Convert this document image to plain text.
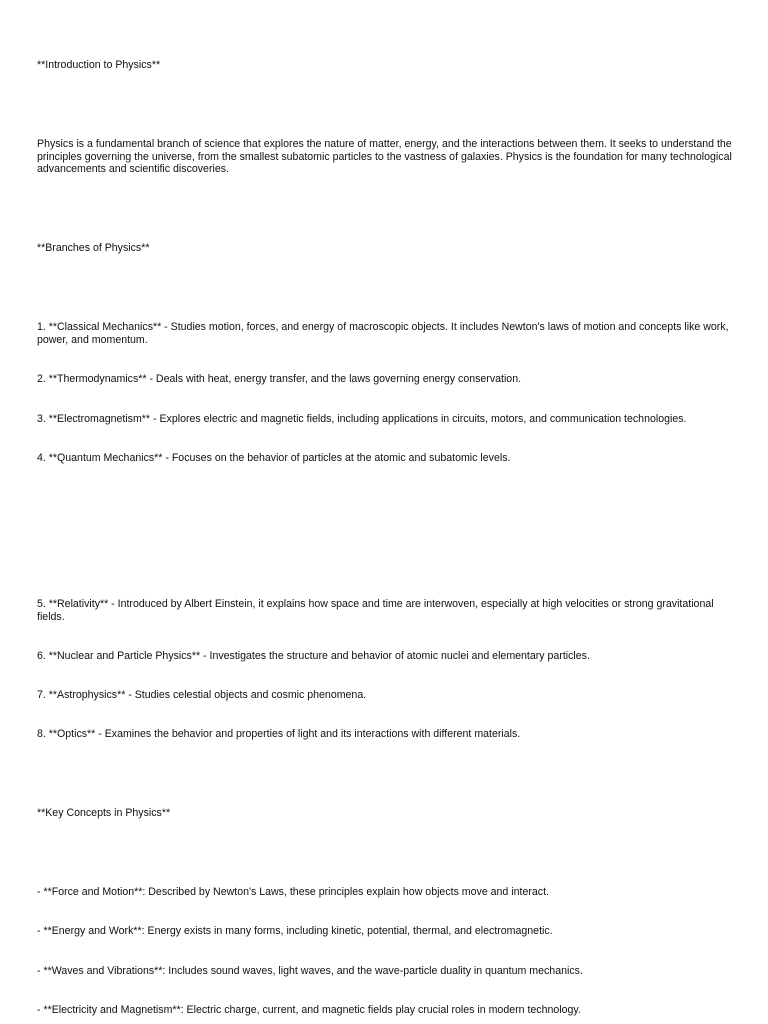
**Introduction to Physics**

Physics is a fundamental branch of science that explores the nature of matter, energy, and the interactions between them. It seeks to understand the principles governing the universe, from the smallest subatomic particles to the vastness of galaxies. Physics is the foundation for many technological advancements and scientific discoveries.

**Branches of Physics**

1. **Classical Mechanics** - Studies motion, forces, and energy of macroscopic objects. It includes Newton's laws of motion and concepts like work, power, and momentum.

2. **Thermodynamics** - Deals with heat, energy transfer, and the laws governing energy conservation.

3. **Electromagnetism** - Explores electric and magnetic fields, including applications in circuits, motors, and communication technologies.

4. **Quantum Mechanics** - Focuses on the behavior of particles at the atomic and subatomic levels.

5. **Relativity** - Introduced by Albert Einstein, it explains how space and time are interwoven, especially at high velocities or strong gravitational fields.

6. **Nuclear and Particle Physics** - Investigates the structure and behavior of atomic nuclei and elementary particles.

7. **Astrophysics** - Studies celestial objects and cosmic phenomena.

8. **Optics** - Examines the behavior and properties of light and its interactions with different materials.

**Key Concepts in Physics**

- **Force and Motion**: Described by Newton's Laws, these principles explain how objects move and interact.

- **Energy and Work**: Energy exists in many forms, including kinetic, potential, thermal, and electromagnetic.

- **Waves and Vibrations**: Includes sound waves, light waves, and the wave-particle duality in quantum mechanics.

- **Electricity and Magnetism**: Electric charge, current, and magnetic fields play crucial roles in modern technology.
